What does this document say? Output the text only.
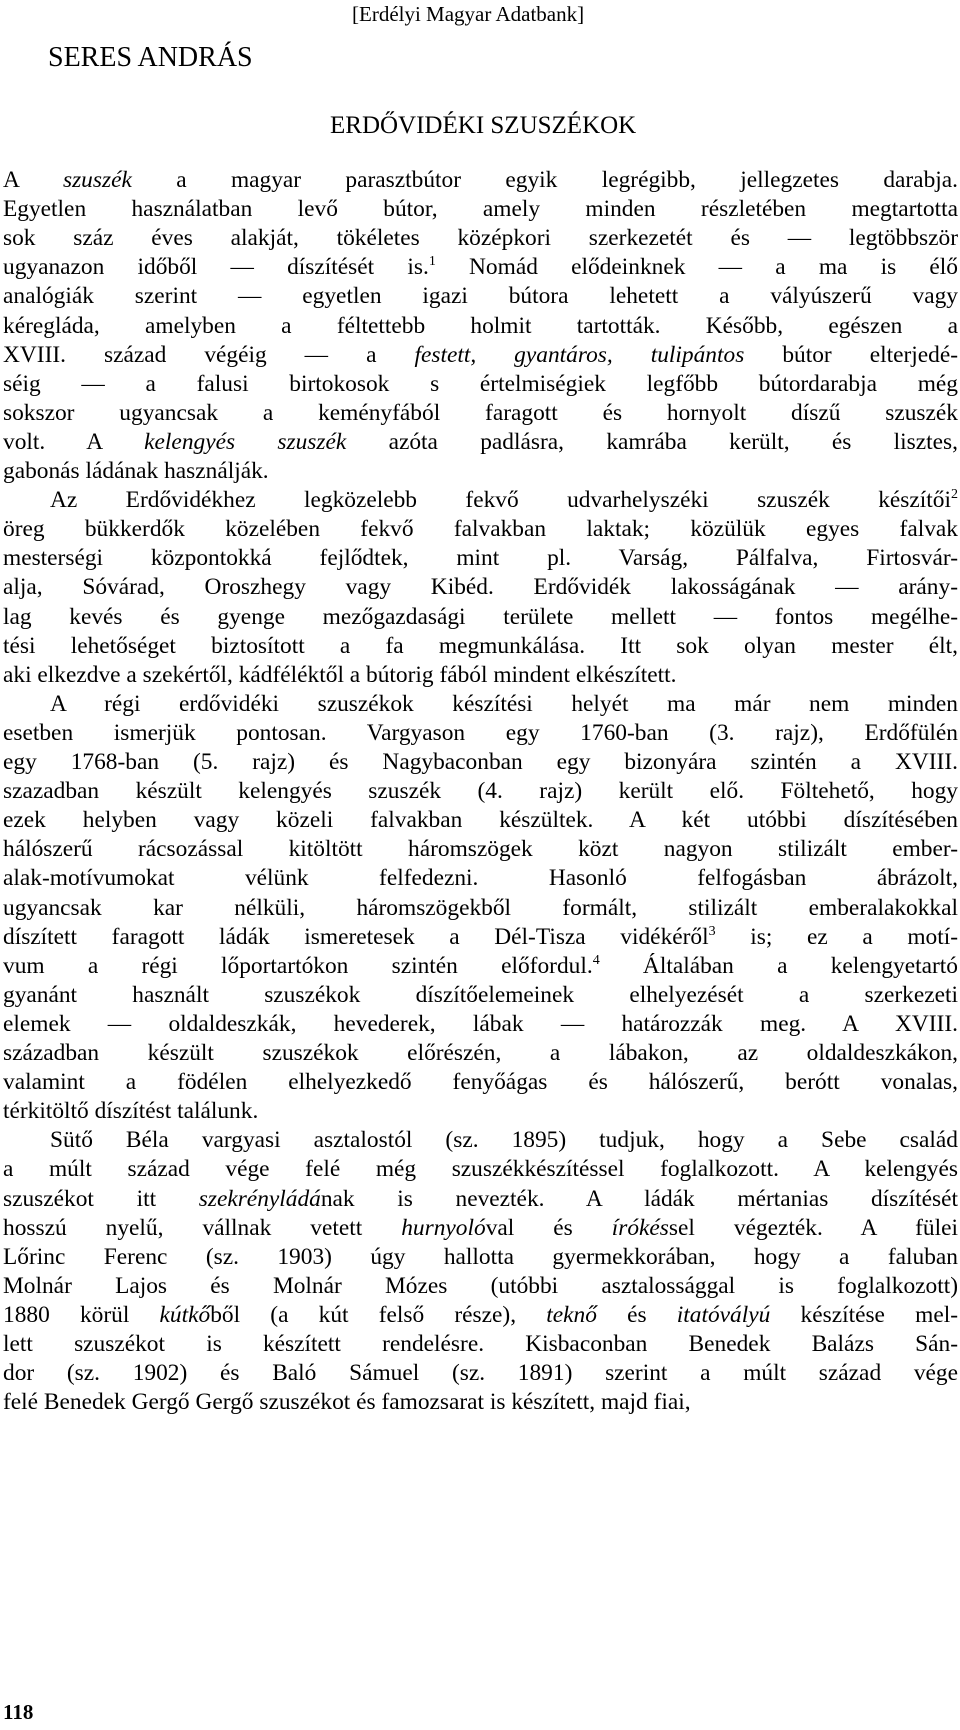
[Erdélyi Magyar Adatbank]
SERES ANDRÁS
ERDŐVIDÉKI SZUSZÉKOK
A szuszék a magyar parasztbútor egyik legrégibb, jellegzetes darabja.
Egyetlen használatban levő bútor, amely minden részletében megtartotta
sok száz éves alakját, tökéletes középkori szerkezetét és — legtöbbször
ugyanazon időből — díszítését is.$^1$ Nomád elődeinknek — a ma is élő
analógiák szerint — egyetlen igazi bútora lehetett a vályúszerű vagy
kéregláda, amelyben a féltettebb holmit tartották. Később, egészen a
XVIII. század végéig — a festett, gyantáros, tulipántos bútor elterjedé-
séig — a falusi birtokosok s értelmiségiek legfőbb bútordarabja még
sokszor ugyancsak a keményfából faragott és hornyolt díszű szuszék
volt. A kelengyés szuszék azóta padlásra, kamrába került, és lisztes,
gabonás ládának használják.
Az Erdővidékhez legközelebb fekvő udvarhelyszéki szuszék készítői$^2$
öreg bükkerdők közelében fekvő falvakban laktak; közülük egyes falvak
mesterségi központokká fejlődtek, mint pl. Varság, Pálfalva, Firtosvár-
alja, Sóvárad, Oroszhegy vagy Kibéd. Erdővidék lakosságának — arány-
lag kevés és gyenge mezőgazdasági területe mellett — fontos megélhe-
tési lehetőséget biztosított a fa megmunkálása. Itt sok olyan mester élt,
aki elkezdve a szekértől, kádféléktől a bútorig fából mindent elkészített.
A régi erdővidéki szuszékok készítési helyét ma már nem minden
esetben ismerjük pontosan. Vargyason egy 1760-ban (3. rajz), Erdőfülén
egy 1768-ban (5. rajz) és Nagybaconban egy bizonyára szintén a XVIII.
szazadban készült kelengyés szuszék (4. rajz) került elő. Föltehető, hogy
ezek helyben vagy közeli falvakban készültek. A két utóbbi díszítésében
hálószerű rácsozással kitöltött háromszögek közt nagyon stilizált ember-
alak-motívumokat vélünk felfedezni. Hasonló felfogásban ábrázolt,
ugyancsak kar nélküli, háromszögekből formált, stilizált emberalakokkal
díszített faragott ládák ismeretesek a Dél-Tisza vidékéről$^3$ is; ez a motí-
vum a régi lőportartókon szintén előfordul.$^4$ Általában a kelengyetartó
gyanánt használt szuszékok díszítőelemeinek elhelyezését a szerkezeti
elemek — oldaldeszkák, hevederek, lábak — határozzák meg. A XVIII.
században készült szuszékok előrészén, a lábakon, az oldaldeszkákon,
valamint a födélen elhelyezkedő fenyőágas és hálószerű, berótt vonalas,
térkitöltő díszítést találunk.
Sütő Béla vargyasi asztalostól (sz. 1895) tudjuk, hogy a Sebe család
a múlt század vége felé még szuszékkészítéssel foglalkozott. A kelengyés
szuszékot itt szekrényládának is nevezték. A ládák mértanias díszítését
hosszú nyelű, vállnak vetett hurnyolóval és írókéssel végezték. A fülei
Lőrinc Ferenc (sz. 1903) úgy hallotta gyermekkorában, hogy a faluban
Molnár Lajos és Molnár Mózes (utóbbi asztalossággal is foglalkozott)
1880 körül kútkőből (a kút felső része), teknő és itatóvályú készítése mel-
lett szuszékot is készített rendelésre. Kisbaconban Benedek Balázs Sán-
dor (sz. 1902) és Baló Sámuel (sz. 1891) szerint a múlt század vége
felé Benedek Gergő Gergő szuszékot és famozsarat is készített, majd fiai,
118
